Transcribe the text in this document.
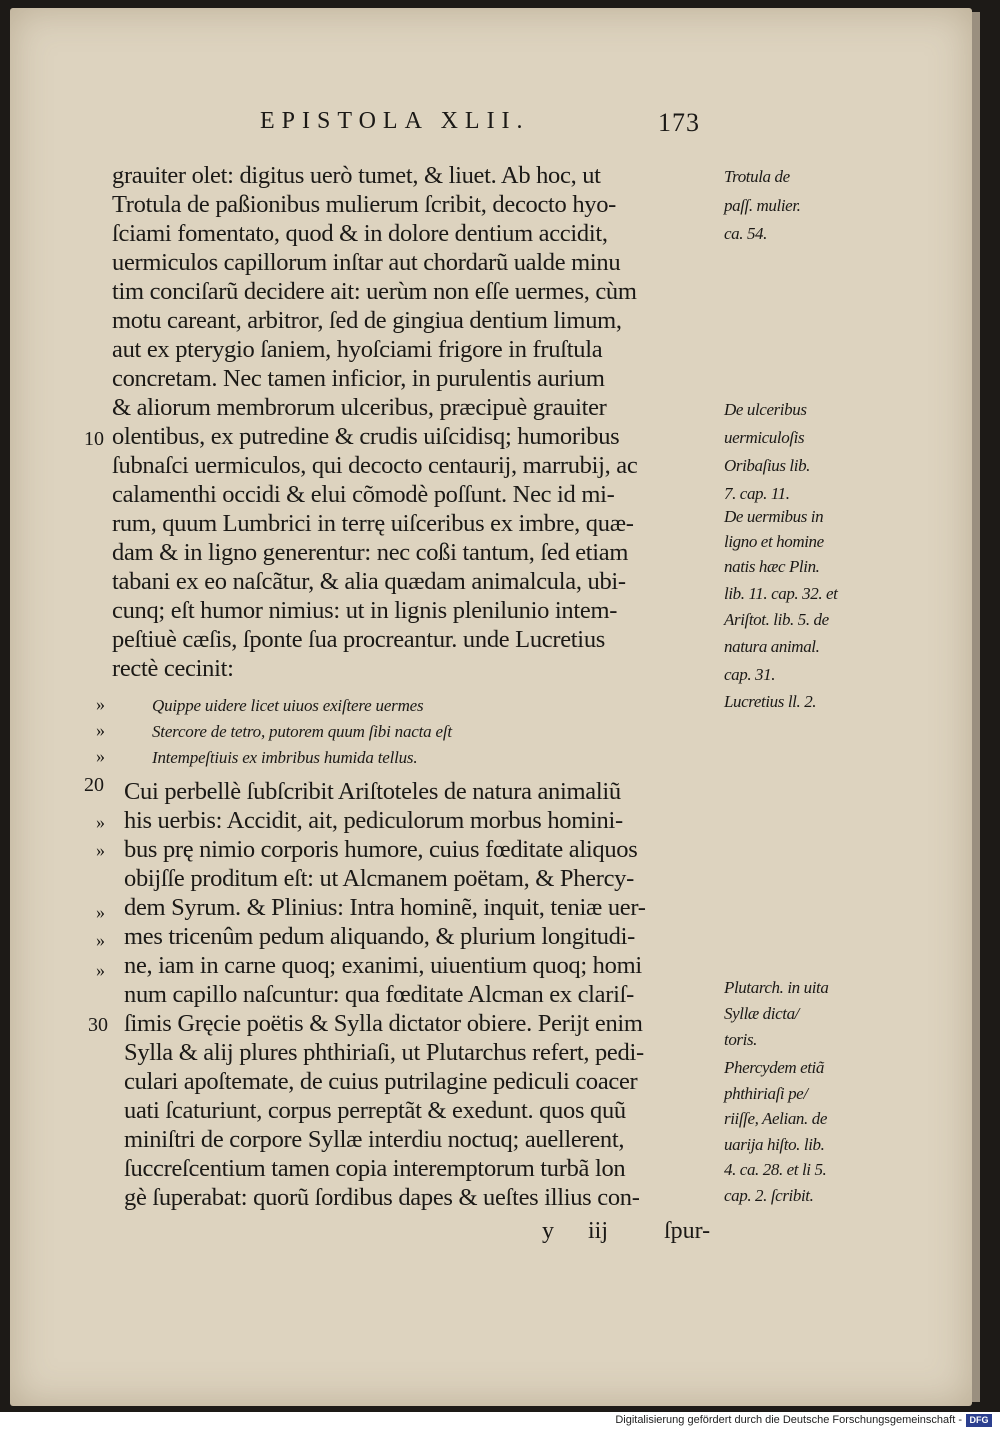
EPISTOLA XLII.	173
grauiter olet: digitus uerò tumet, & liuet. Ab hoc, ut
Trotula de paßionibus mulierum ſcribit, decocto hyo-
ſciami fomentato, quod & in dolore dentium accidit,
uermiculos capillorum inſtar aut chordarũ ualde minu
tim conciſarũ decidere ait: uerùm non eſſe uermes, cùm
motu careant, arbitror, ſed de gingiua dentium limum,
aut ex pterygio ſaniem, hyoſciami frigore in fruſtula
concretam. Nec tamen inficior, in purulentis aurium
& aliorum membrorum ulceribus, præcipuè grauiter
olentibus, ex putredine & crudis uiſcidisq; humoribus
ſubnaſci uermiculos, qui decocto centaurij, marrubij, ac
calamenthi occidi & elui cõmodè poſſunt. Nec id mi-
rum, quum Lumbrici in terrę uiſceribus ex imbre, quæ-
dam & in ligno generentur: nec coßi tantum, ſed etiam
tabani ex eo naſcãtur, & alia quædam animalcula, ubi-
cunq; eſt humor nimius: ut in lignis plenilunio intem-
peſtiuè cæſis, ſponte ſua procreantur. unde Lucretius
rectè cecinit:
»
»
»
Quippe uidere licet uiuos exiſtere uermes
Stercore de tetro, putorem quum ſibi nacta eſt
Intempeſtiuis ex imbribus humida tellus.
Cui perbellè ſubſcribit Ariſtoteles de natura animaliũ
his uerbis: Accidit, ait, pediculorum morbus homini-
bus prę nimio corporis humore, cuius fœditate aliquos
obijſſe proditum eſt: ut Alcmanem poëtam, & Phercy-
dem Syrum. & Plinius: Intra hominẽ, inquit, teniæ uer-
mes tricenûm pedum aliquando, & plurium longitudi-
ne, iam in carne quoq; exanimi, uiuentium quoq; homi
num capillo naſcuntur: qua fœditate Alcman ex clariſ-
ſimis Gręcie poëtis & Sylla dictator obiere. Perijt enim
Sylla & alij plures phthiriaſi, ut Plutarchus refert, pedi-
culari apoſtemate, de cuius putrilagine pediculi coacer
uati ſcaturiunt, corpus perreptãt & exedunt. quos quũ
miniſtri de corpore Syllæ interdiu noctuq; auellerent,
ſuccreſcentium tamen copia interemptorum turbã lon
gè ſuperabat: quorũ ſordibus dapes & ueſtes illius con-
»
»
»
»
»
10
20
30
Trotula de
paſſ. mulier.
ca. 54.
De ulceribus
uermiculoſis
Oribaſius lib.
7. cap. 11.
De uermibus in
ligno et homine
natis hæc Plin.
lib. 11. cap. 32. et
Ariſtot. lib. 5. de
natura animal.
cap. 31.
Lucretius ll. 2.
Plutarch. in uita
Syllæ dicta/
toris.
Phercydem etiã
phthiriaſi pe/
riiſſe, Aelian. de
uarija hiſto. lib.
4. ca. 28. et li 5.
cap. 2. ſcribit.
y iij ſpur-
Digitalisierung gefördert durch die Deutsche Forschungsgemeinschaft - DFG
